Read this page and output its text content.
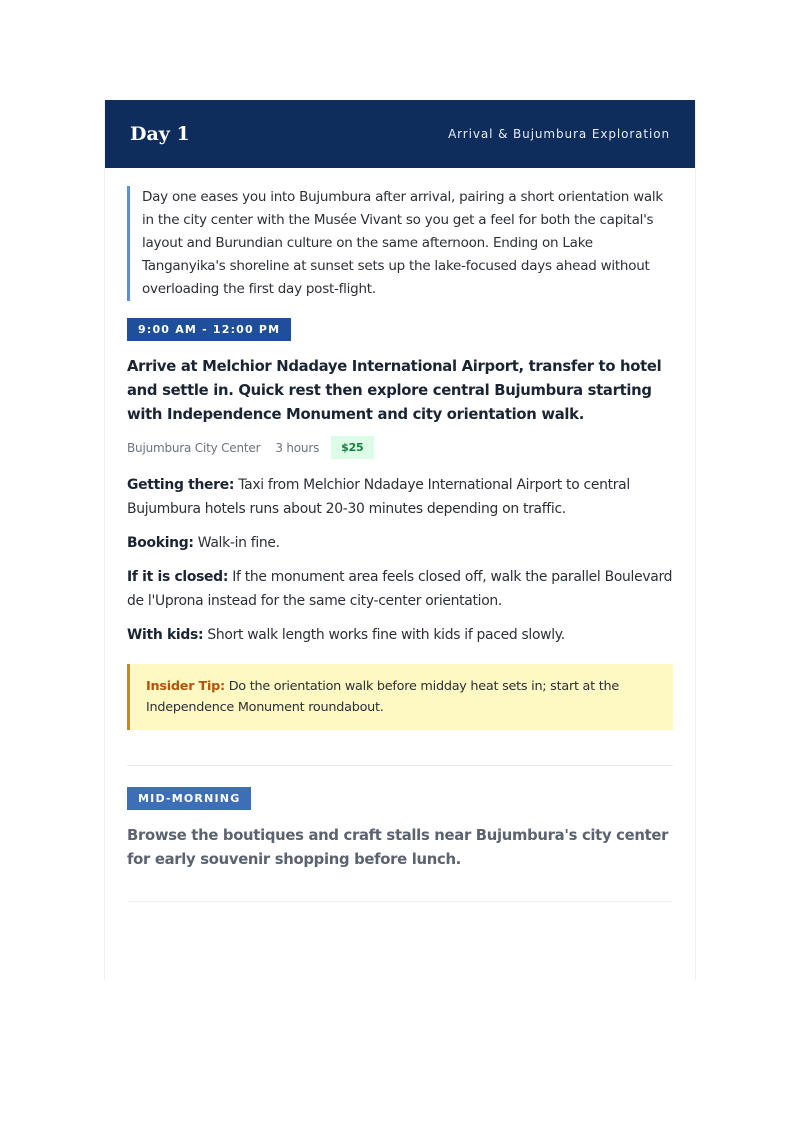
Day 1	Arrival & Bujumbura Exploration

Day one eases you into Bujumbura after arrival, pairing a short orientation walk in the city center with the Musée Vivant so you get a feel for both the capital's layout and Burundian culture on the same afternoon. Ending on Lake Tanganyika's shoreline at sunset sets up the lake-focused days ahead without overloading the first day post-flight.

9:00 AM - 12:00 PM
Arrive at Melchior Ndadaye International Airport, transfer to hotel and settle in. Quick rest then explore central Bujumbura starting with Independence Monument and city orientation walk.
Bujumbura City Center 3 hours	$25

Getting there: Taxi from Melchior Ndadaye International Airport to central Bujumbura hotels runs about 20-30 minutes depending on traffic.

Booking: Walk-in fine.

If it is closed: If the monument area feels closed off, walk the parallel Boulevard de l'Uprona instead for the same city-center orientation.

With kids: Short walk length works fine with kids if paced slowly.

Insider Tip: Do the orientation walk before midday heat sets in; start at the Independence Monument roundabout.
MID-MORNING
Browse the boutiques and craft stalls near Bujumbura's city center for early souvenir shopping before lunch.
